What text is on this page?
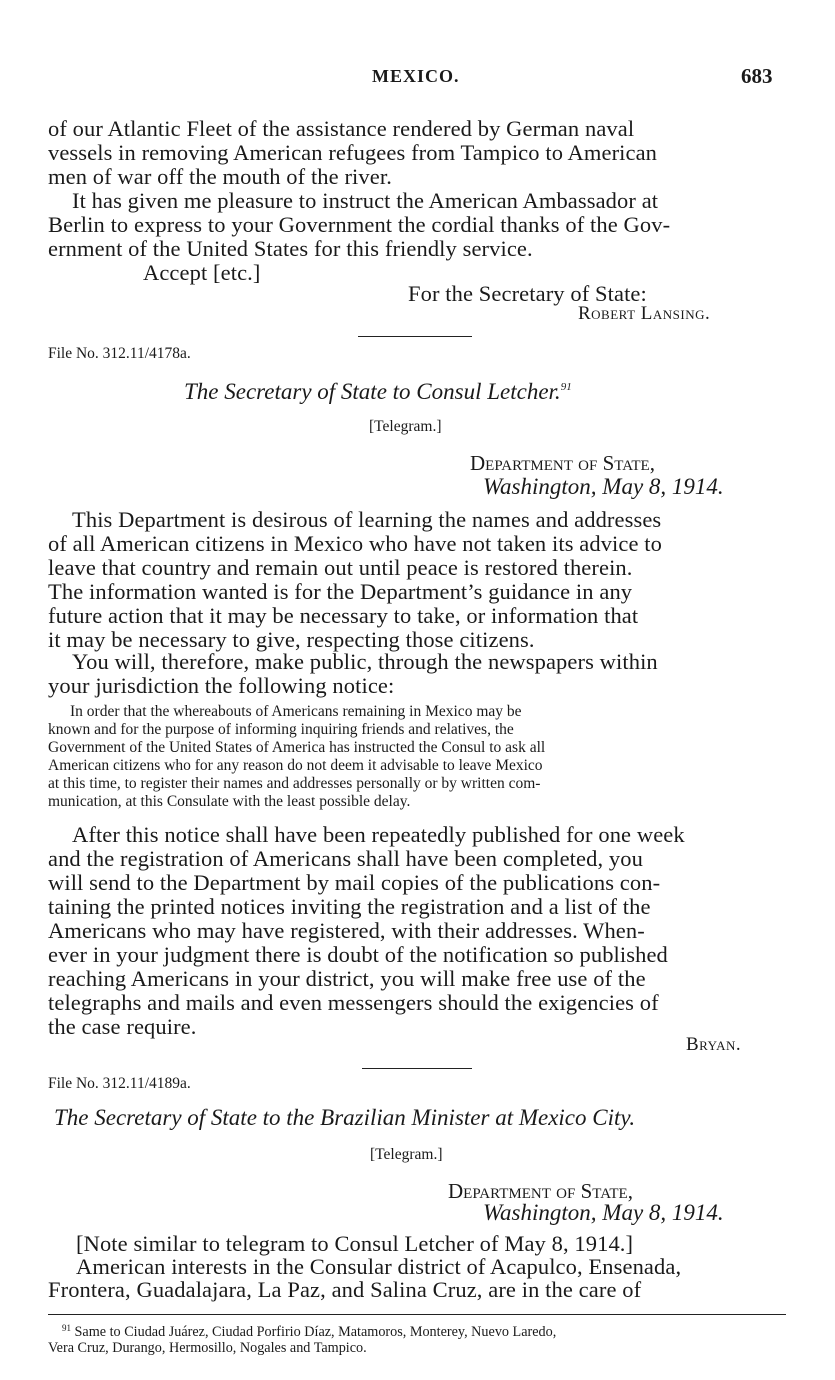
MEXICO.	683
of our Atlantic Fleet of the assistance rendered by German naval
vessels in removing American refugees from Tampico to American
men of war off the mouth of the river.
It has given me pleasure to instruct the American Ambassador at
Berlin to express to your Government the cordial thanks of the Gov-
ernment of the United States for this friendly service.
Accept [etc.]
For the Secretary of State:
Robert Lansing.
File No. 312.11/4178a.
The Secretary of State to Consul Letcher.$^{91}$
[Telegram.]
Department of State,
Washington, May 8, 1914.
This Department is desirous of learning the names and addresses
of all American citizens in Mexico who have not taken its advice to
leave that country and remain out until peace is restored therein.
The information wanted is for the Department’s guidance in any
future action that it may be necessary to take, or information that
it may be necessary to give, respecting those citizens.
You will, therefore, make public, through the newspapers within
your jurisdiction the following notice:
In order that the whereabouts of Americans remaining in Mexico may be
known and for the purpose of informing inquiring friends and relatives, the
Government of the United States of America has instructed the Consul to ask all
American citizens who for any reason do not deem it advisable to leave Mexico
at this time, to register their names and addresses personally or by written com-
munication, at this Consulate with the least possible delay.
After this notice shall have been repeatedly published for one week
and the registration of Americans shall have been completed, you
will send to the Department by mail copies of the publications con-
taining the printed notices inviting the registration and a list of the
Americans who may have registered, with their addresses. When-
ever in your judgment there is doubt of the notification so published
reaching Americans in your district, you will make free use of the
telegraphs and mails and even messengers should the exigencies of
the case require.
Bryan.
File No. 312.11/4189a.
The Secretary of State to the Brazilian Minister at Mexico City.
[Telegram.]
Department of State,
Washington, May 8, 1914.
[Note similar to telegram to Consul Letcher of May 8, 1914.]
American interests in the Consular district of Acapulco, Ensenada,
Frontera, Guadalajara, La Paz, and Salina Cruz, are in the care of
$^{91}$ Same to Ciudad Juárez, Ciudad Porfirio Díaz, Matamoros, Monterey, Nuevo Laredo,
Vera Cruz, Durango, Hermosillo, Nogales and Tampico.
